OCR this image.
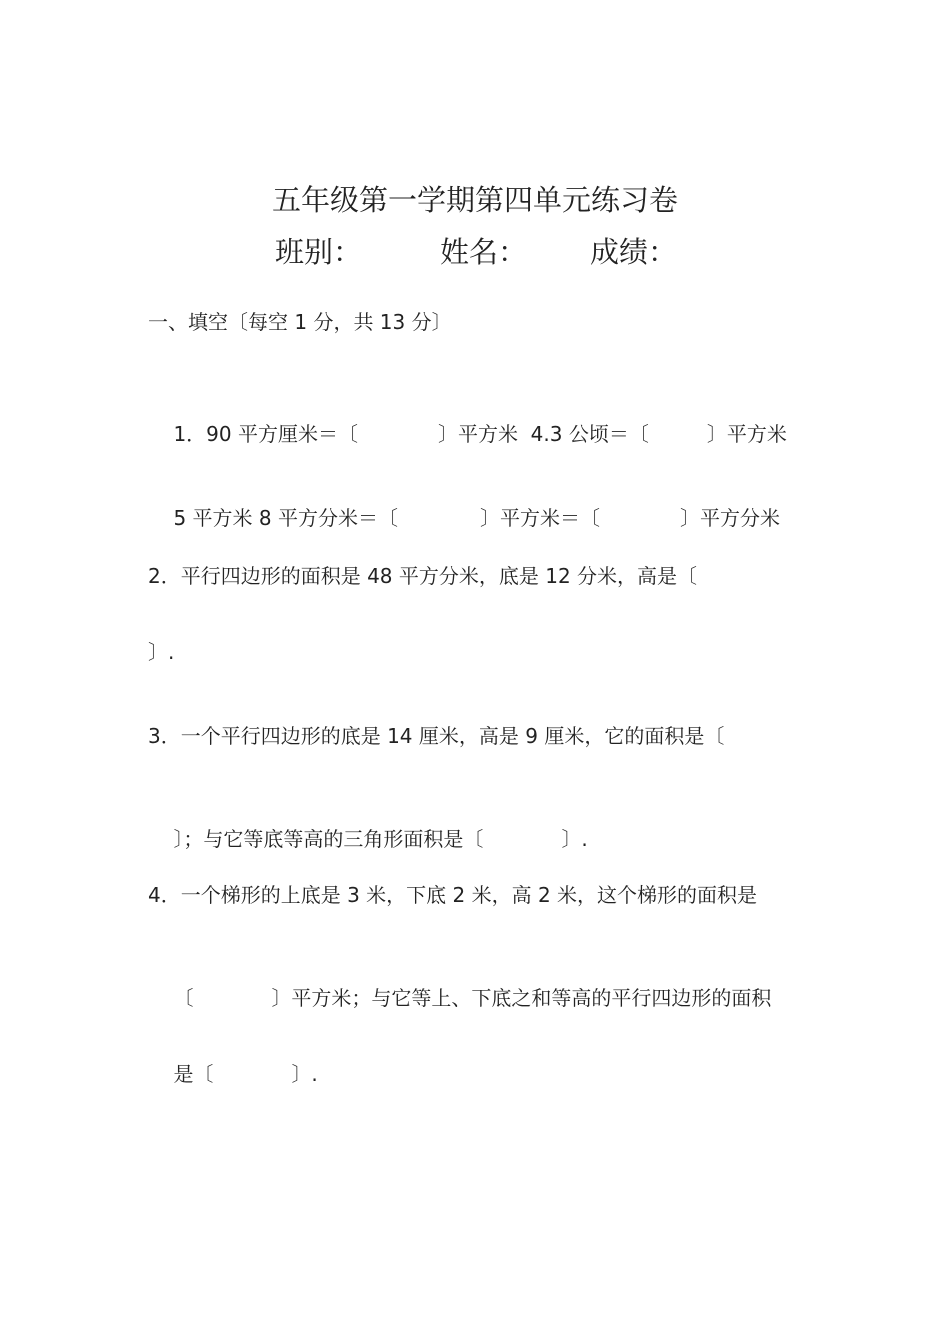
五年级第一学期第四单元练习卷
班别：	姓名： 成绩：
一、填空〔每空 1 分，共 13 分〕

1．90 平方厘米＝〔	〕平方米  4.3 公顷＝〔	〕平方米

5 平方米 8 平方分米＝〔	〕平方米＝〔	〕平方分米

2．平行四边形的面积是 48 平方分米，底是 12 分米，高是〔
〕.
3．一个平行四边形的底是 14 厘米，高是 9 厘米，它的面积是〔

〕；与它等底等高的三角形面积是〔	〕.

4．一个梯形的上底是 3 米，下底 2 米，高 2 米，这个梯形的面积是

〔	〕平方米；与它等上、下底之和等高的平行四边形的面积

是〔	〕.
